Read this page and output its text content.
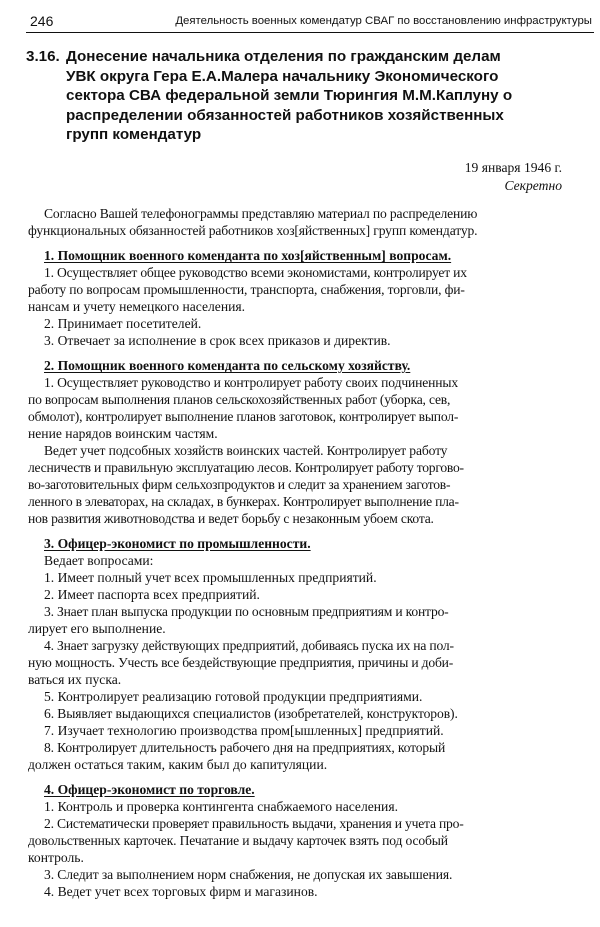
246	Деятельность военных комендатур СВАГ по восстановлению инфраструктуры
3.16. Донесение начальника отделения по гражданским делам
УВК округа Гера Е.А.Малера начальнику Экономического
сектора СВА федеральной земли Тюрингия М.М.Каплуну о
распределении обязанностей работников хозяйственных
групп комендатур
19 января 1946 г.
Секретно
Согласно Вашей телефонограммы представляю материал по распределению
функциональных обязанностей работников хоз[яйственных] групп комендатур.
1. Помощник военного коменданта по хоз[яйственным] вопросам.
1. Осуществляет общее руководство всеми экономистами, контролирует их
работу по вопросам промышленности, транспорта, снабжения, торговли, фи-
нансам и учету немецкого населения.
2. Принимает посетителей.
3. Отвечает за исполнение в срок всех приказов и директив.
2. Помощник военного коменданта по сельскому хозяйству.
1. Осуществляет руководство и контролирует работу своих подчиненных
по вопросам выполнения планов сельскохозяйственных работ (уборка, сев,
обмолот), контролирует выполнение планов заготовок, контролирует выпол-
нение нарядов воинским частям.
Ведет учет подсобных хозяйств воинских частей. Контролирует работу
лесничеств и правильную эксплуатацию лесов. Контролирует работу торгово-
во-заготовительных фирм сельхозпродуктов и следит за хранением заготов-
ленного в элеваторах, на складах, в бункерах. Контролирует выполнение пла-
нов развития животноводства и ведет борьбу с незаконным убоем скота.
3. Офицер-экономист по промышленности.
Ведает вопросами:
1. Имеет полный учет всех промышленных предприятий.
2. Имеет паспорта всех предприятий.
3. Знает план выпуска продукции по основным предприятиям и контро-
лирует его выполнение.
4. Знает загрузку действующих предприятий, добиваясь пуска их на пол-
ную мощность. Учесть все бездействующие предприятия, причины и доби-
ваться их пуска.
5. Контролирует реализацию готовой продукции предприятиями.
6. Выявляет выдающихся специалистов (изобретателей, конструкторов).
7. Изучает технологию производства пром[ышленных] предприятий.
8. Контролирует длительность рабочего дня на предприятиях, который
должен остаться таким, каким был до капитуляции.
4. Офицер-экономист по торговле.
1. Контроль и проверка контингента снабжаемого населения.
2. Систематически проверяет правильность выдачи, хранения и учета про-
довольственных карточек. Печатание и выдачу карточек взять под особый
контроль.
3. Следит за выполнением норм снабжения, не допуская их завышения.
4. Ведет учет всех торговых фирм и магазинов.
